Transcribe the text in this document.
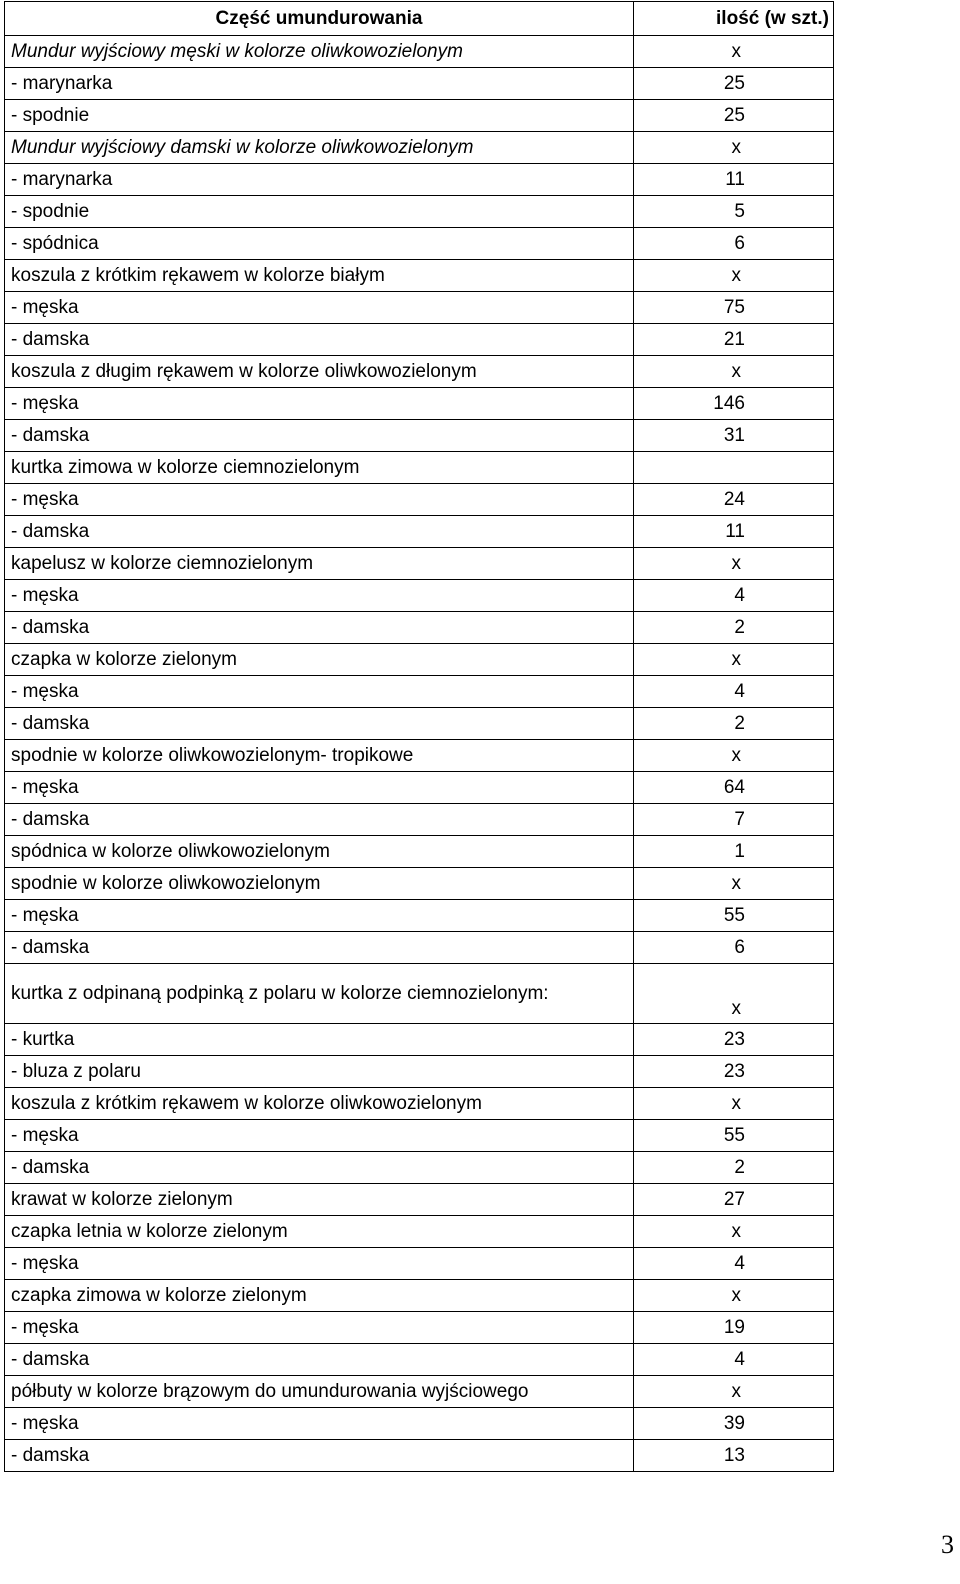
Część umundurowania	ilość (w szt.)
Mundur wyjściowy męski w kolorze oliwkowozielonym	x
- marynarka	25
- spodnie	25
Mundur wyjściowy damski w kolorze oliwkowozielonym	x
- marynarka	11
- spodnie	5
- spódnica	6
koszula z krótkim rękawem w kolorze białym	x
- męska	75
- damska	21
koszula z długim rękawem w kolorze oliwkowozielonym	x
- męska	146
- damska	31
kurtka zimowa w kolorze ciemnozielonym	
- męska	24
- damska	11
kapelusz w kolorze ciemnozielonym	x
- męska	4
- damska	2
czapka w kolorze zielonym	x
- męska	4
- damska	2
spodnie w kolorze oliwkowozielonym- tropikowe	x
- męska	64
- damska	7
spódnica w kolorze oliwkowozielonym	1
spodnie w kolorze oliwkowozielonym	x
- męska	55
- damska	6
kurtka z odpinaną podpinką z polaru w kolorze ciemnozielonym:	x
- kurtka	23
- bluza z polaru	23
koszula z krótkim rękawem w kolorze oliwkowozielonym	x
- męska	55
- damska	2
krawat w kolorze zielonym	27
czapka letnia w kolorze zielonym	x
- męska	4
czapka zimowa w kolorze zielonym	x
- męska	19
- damska	4
półbuty w kolorze brązowym do umundurowania wyjściowego	x
- męska	39
- damska	13
3
